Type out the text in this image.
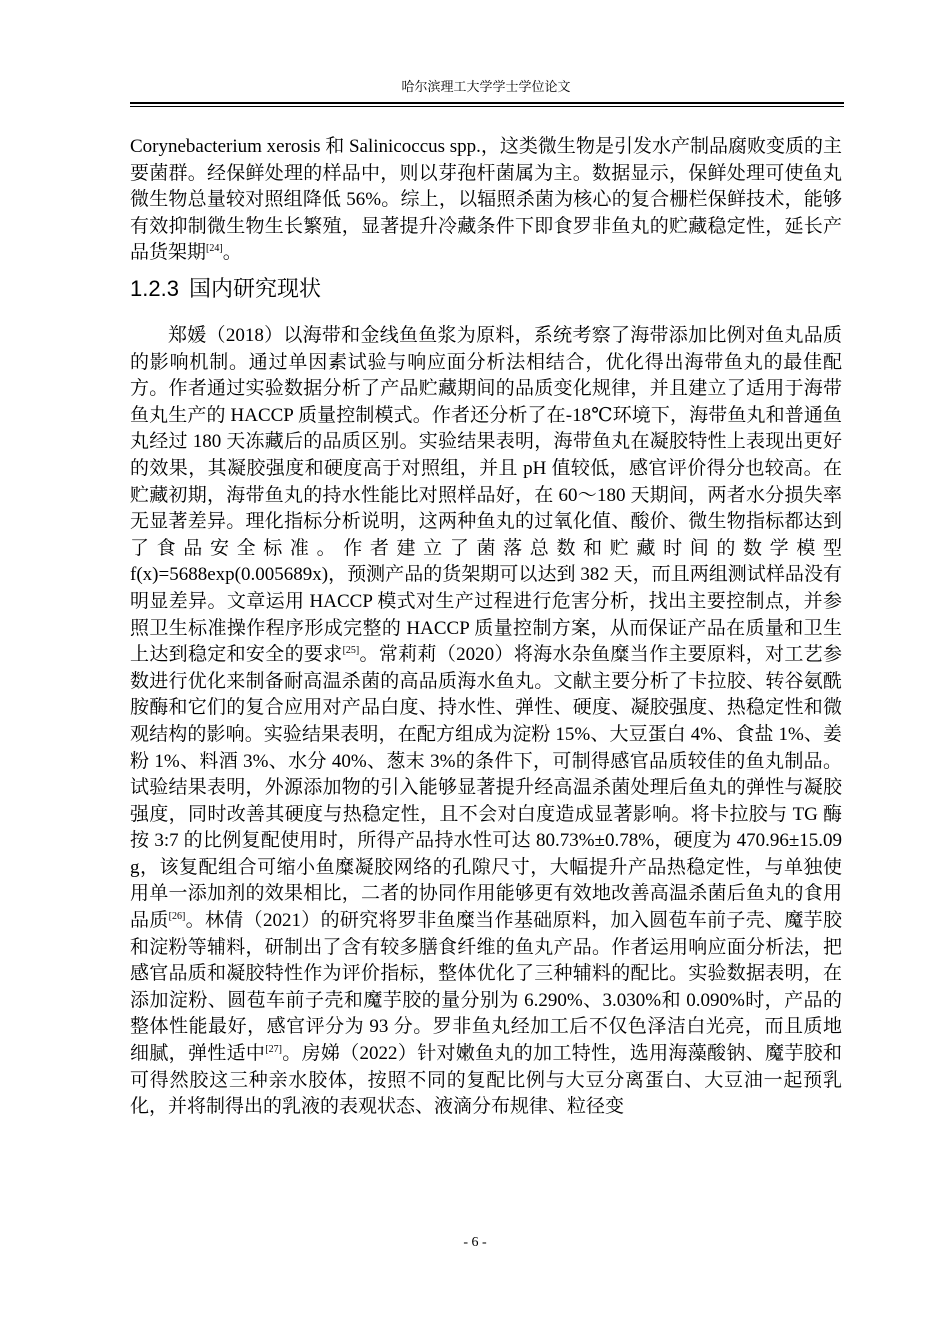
哈尔滨理工大学学士学位论文
Corynebacterium xerosis 和 Salinicoccus spp.，这类微生物是引发水产制品腐败变质的主要菌群。经保鲜处理的样品中，则以芽孢杆菌属为主。数据显示，保鲜处理可使鱼丸微生物总量较对照组降低 56%。综上，以辐照杀菌为核心的复合栅栏保鲜技术，能够有效抑制微生物生长繁殖，显著提升冷藏条件下即食罗非鱼丸的贮藏稳定性，延长产品货架期[24]。
1.2.3 国内研究现状
郑媛（2018）以海带和金线鱼鱼浆为原料，系统考察了海带添加比例对鱼丸品质的影响机制。通过单因素试验与响应面分析法相结合，优化得出海带鱼丸的最佳配方。作者通过实验数据分析了产品贮藏期间的品质变化规律，并且建立了适用于海带鱼丸生产的 HACCP 质量控制模式。作者还分析了在-18℃环境下，海带鱼丸和普通鱼丸经过 180 天冻藏后的品质区别。实验结果表明，海带鱼丸在凝胶特性上表现出更好的效果，其凝胶强度和硬度高于对照组，并且 pH 值较低，感官评价得分也较高。在贮藏初期，海带鱼丸的持水性能比对照样品好，在 60～180 天期间，两者水分损失率无显著差异。理化指标分析说明，这两种鱼丸的过氧化值、酸价、微生物指标都达到了食品安全标准。作者建立了菌落总数和贮藏时间的数学模型 f(x)=5688exp(0.005689x)，预测产品的货架期可以达到 382 天，而且两组测试样品没有明显差异。文章运用 HACCP 模式对生产过程进行危害分析，找出主要控制点，并参照卫生标准操作程序形成完整的 HACCP 质量控制方案，从而保证产品在质量和卫生上达到稳定和安全的要求[25]。常莉莉（2020）将海水杂鱼糜当作主要原料，对工艺参数进行优化来制备耐高温杀菌的高品质海水鱼丸。文献主要分析了卡拉胶、转谷氨酰胺酶和它们的复合应用对产品白度、持水性、弹性、硬度、凝胶强度、热稳定性和微观结构的影响。实验结果表明，在配方组成为淀粉 15%、大豆蛋白 4%、食盐 1%、姜粉 1%、料酒 3%、水分 40%、葱末 3%的条件下，可制得感官品质较佳的鱼丸制品。试验结果表明，外源添加物的引入能够显著提升经高温杀菌处理后鱼丸的弹性与凝胶强度，同时改善其硬度与热稳定性，且不会对白度造成显著影响。将卡拉胶与 TG 酶按 3:7 的比例复配使用时，所得产品持水性可达 80.73%±0.78%，硬度为 470.96±15.09 g，该复配组合可缩小鱼糜凝胶网络的孔隙尺寸，大幅提升产品热稳定性，与单独使用单一添加剂的效果相比，二者的协同作用能够更有效地改善高温杀菌后鱼丸的食用品质[26]。林倩（2021）的研究将罗非鱼糜当作基础原料，加入圆苞车前子壳、魔芋胶和淀粉等辅料，研制出了含有较多膳食纤维的鱼丸产品。作者运用响应面分析法，把感官品质和凝胶特性作为评价指标，整体优化了三种辅料的配比。实验数据表明，在添加淀粉、圆苞车前子壳和魔芋胶的量分别为 6.290%、3.030%和 0.090%时，产品的整体性能最好，感官评分为 93 分。罗非鱼丸经加工后不仅色泽洁白光亮，而且质地细腻，弹性适中[27]。房娣（2022）针对嫩鱼丸的加工特性，选用海藻酸钠、魔芋胶和可得然胶这三种亲水胶体，按照不同的复配比例与大豆分离蛋白、大豆油一起预乳化，并将制得出的乳液的表观状态、液滴分布规律、粒径变
- 6 -
